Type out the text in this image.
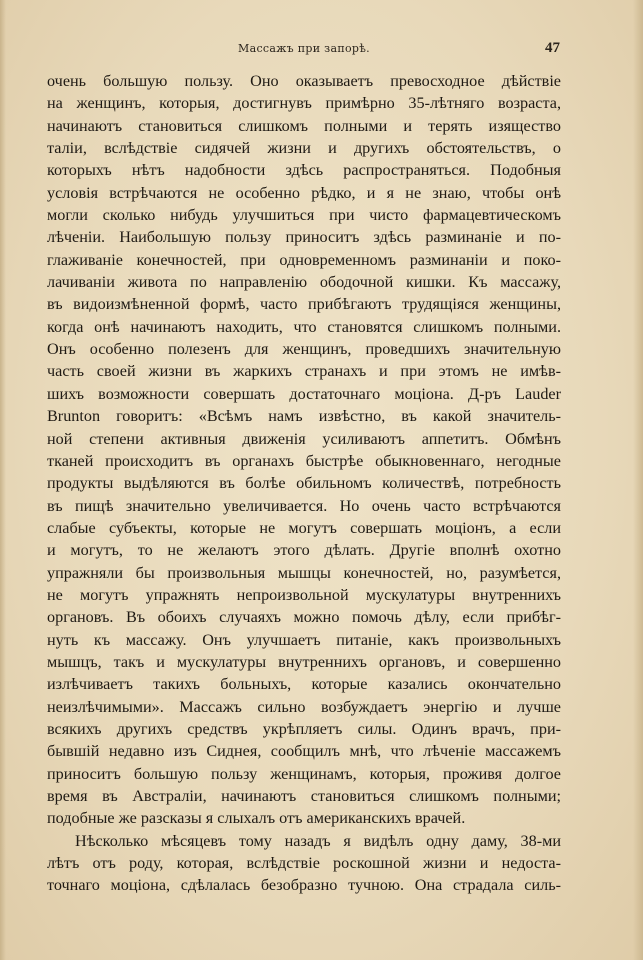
Массажъ при запорѣ.	47
очень большую пользу. Оно оказываетъ превосходное дѣйствіе
на женщинъ, которыя, достигнувъ примѣрно 35-лѣтняго возраста,
начинаютъ становиться слишкомъ полными и терять изящество
таліи, вслѣдствіе сидячей жизни и другихъ обстоятельствъ, о
которыхъ нѣтъ надобности здѣсь распространяться. Подобныя
условія встрѣчаются не особенно рѣдко, и я не знаю, чтобы онѣ
могли сколько нибудь улучшиться при чисто фармацевтическомъ
лѣченіи. Наибольшую пользу приноситъ здѣсь разминаніе и по-
глаживаніе конечностей, при одновременномъ разминаніи и поко-
лачиваніи живота по направленію ободочной кишки. Къ массажу,
въ видоизмѣненной формѣ, часто прибѣгаютъ трудящіяся женщины,
когда онѣ начинаютъ находить, что становятся слишкомъ полными.
Онъ особенно полезенъ для женщинъ, проведшихъ значительную
часть своей жизни въ жаркихъ странахъ и при этомъ не имѣв-
шихъ возможности совершать достаточнаго моціона. Д-ръ Lauder
Brunton говоритъ: «Всѣмъ намъ извѣстно, въ какой значитель-
ной степени активныя движенія усиливаютъ аппетитъ. Обмѣнъ
тканей происходитъ въ органахъ быстрѣе обыкновеннаго, негодные
продукты выдѣляются въ болѣе обильномъ количествѣ, потребность
въ пищѣ значительно увеличивается. Но очень часто встрѣчаются
слабые субъекты, которые не могутъ совершать моціонъ, а если
и могутъ, то не желаютъ этого дѣлать. Другіе вполнѣ охотно
упражняли бы произвольныя мышцы конечностей, но, разумѣется,
не могутъ упражнять непроизвольной мускулатуры внутреннихъ
органовъ. Въ обоихъ случаяхъ можно помочь дѣлу, если прибѣг-
нуть къ массажу. Онъ улучшаетъ питаніе, какъ произвольныхъ
мышцъ, такъ и мускулатуры внутреннихъ органовъ, и совершенно
излѣчиваетъ такихъ больныхъ, которые казались окончательно
неизлѣчимыми». Массажъ сильно возбуждаетъ энергію и лучше
всякихъ другихъ средствъ укрѣпляетъ силы. Одинъ врачъ, при-
бывшій недавно изъ Сиднея, сообщилъ мнѣ, что лѣченіе массажемъ
приноситъ большую пользу женщинамъ, которыя, проживя долгое
время въ Австраліи, начинаютъ становиться слишкомъ полными;
подобные же разсказы я слыхалъ отъ американскихъ врачей.
Нѣсколько мѣсяцевъ тому назадъ я видѣлъ одну даму, 38-ми
лѣтъ отъ роду, которая, вслѣдствіе роскошной жизни и недоста-
точнаго моціона, сдѣлалась безобразно тучною. Она страдала силь-
